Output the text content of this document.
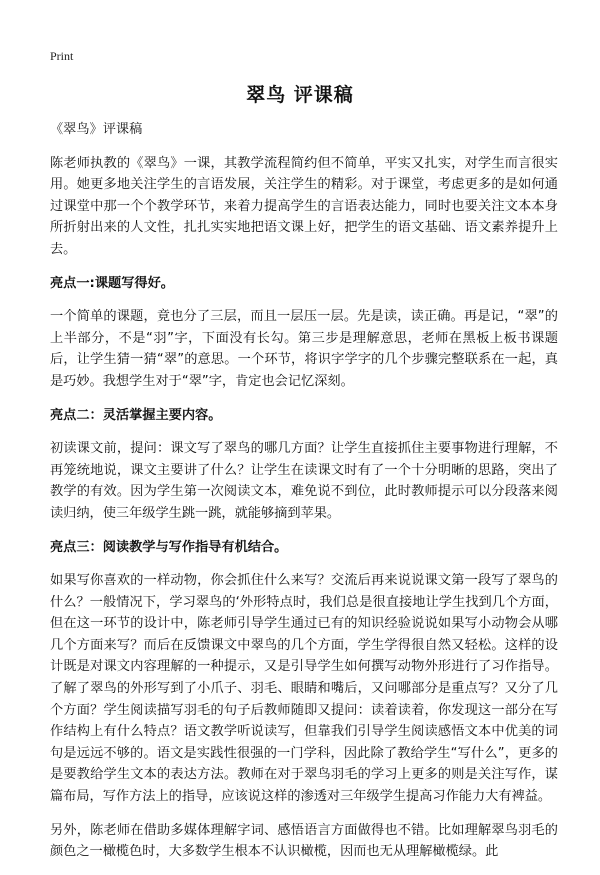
Print
翠鸟 评课稿

《翠鸟》评课稿

陈老师执教的《翠鸟》一课，其教学流程简约但不简单，平实又扎实，对学生而言很实用。她更多地关注学生的言语发展，关注学生的精彩。对于课堂，考虑更多的是如何通过课堂中那一个个教学环节，来着力提高学生的言语表达能力，同时也要关注文本本身所折射出来的人文性，扎扎实实地把语文课上好，把学生的语文基础、语文素养提升上去。

亮点一:课题写得好。

一个简单的课题，竟也分了三层，而且一层压一层。先是读，读正确。再是记，“翠”的上半部分，不是“羽”字，下面没有长勾。第三步是理解意思，老师在黑板上板书课题后，让学生猜一猜“翠”的意思。一个环节，将识字学字的几个步骤完整联系在一起，真是巧妙。我想学生对于“翠”字，肯定也会记忆深刻。

亮点二：灵活掌握主要内容。

初读课文前，提问：课文写了翠鸟的哪几方面？让学生直接抓住主要事物进行理解，不再笼统地说，课文主要讲了什么？让学生在读课文时有了一个十分明晰的思路，突出了教学的有效。因为学生第一次阅读文本，难免说不到位，此时教师提示可以分段落来阅读归纳，使三年级学生跳一跳，就能够摘到苹果。

亮点三：阅读教学与写作指导有机结合。

如果写你喜欢的一样动物，你会抓住什么来写？交流后再来说说课文第一段写了翠鸟的什么？一般情况下，学习翠鸟的‘外形特点时，我们总是很直接地让学生找到几个方面，但在这一环节的设计中，陈老师引导学生通过已有的知识经验说说如果写小动物会从哪几个方面来写？而后在反馈课文中翠鸟的几个方面，学生学得很自然又轻松。这样的设计既是对课文内容理解的一种提示，又是引导学生如何撰写动物外形进行了习作指导。了解了翠鸟的外形写到了小爪子、羽毛、眼睛和嘴后，又问哪部分是重点写？又分了几个方面？学生阅读描写羽毛的句子后教师随即又提问：读着读着，你发现这一部分在写作结构上有什么特点？语文教学听说读写，但靠我们引导学生阅读感悟文本中优美的词句是远远不够的。语文是实践性很强的一门学科，因此除了教给学生“写什么”，更多的是要教给学生文本的表达方法。教师在对于翠鸟羽毛的学习上更多的则是关注写作，谋篇布局，写作方法上的指导，应该说这样的渗透对三年级学生提高习作能力大有裨益。

另外，陈老师在借助多媒体理解字词、感悟语言方面做得也不错。比如理解翠鸟羽毛的颜色之一橄榄色时，大多数学生根本不认识橄榄，因而也无从理解橄榄绿。此
